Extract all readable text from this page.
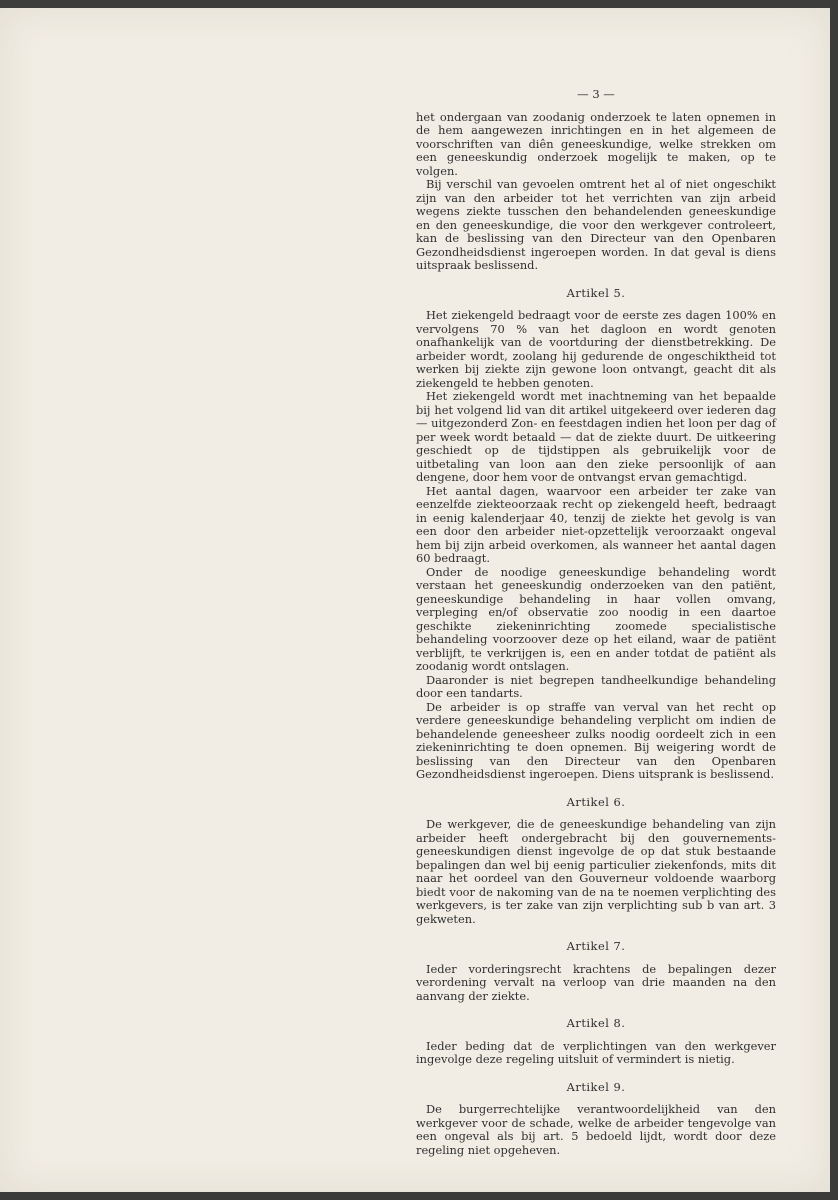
— 3 —

het ondergaan van zoodanig onderzoek te laten opnemen in de hem aangewezen inrichtingen en in het algemeen de voorschriften van diên geneeskundige, welke strekken om een geneeskundig onderzoek mogelijk te maken, op te volgen.

Bij verschil van gevoelen omtrent het al of niet ongeschikt zijn van den arbeider tot het verrichten van zijn arbeid wegens ziekte tusschen den behandelenden geneeskundige en den geneeskundige, die voor den werkgever controleert, kan de beslissing van den Directeur van den Openbaren Gezondheidsdienst ingeroepen worden. In dat geval is diens uitspraak beslissend.

Artikel 5.

Het ziekengeld bedraagt voor de eerste zes dagen 100% en vervolgens 70 % van het dagloon en wordt genoten onafhankelijk van de voortduring der dienstbetrekking. De arbeider wordt, zoolang hij gedurende de ongeschiktheid tot werken bij ziekte zijn gewone loon ontvangt, geacht dit als ziekengeld te hebben genoten.

Het ziekengeld wordt met inachtneming van het bepaalde bij het volgend lid van dit artikel uitgekeerd over iederen dag — uitgezonderd Zon- en feestdagen indien het loon per dag of per week wordt betaald — dat de ziekte duurt. De uitkeering geschiedt op de tijdstippen als gebruikelijk voor de uitbetaling van loon aan den zieke persoonlijk of aan dengene, door hem voor de ontvangst ervan gemachtigd.

Het aantal dagen, waarvoor een arbeider ter zake van eenzelfde ziekteoorzaak recht op ziekengeld heeft, bedraagt in eenig kalenderjaar 40, tenzij de ziekte het gevolg is van een door den arbeider niet-opzettelijk veroorzaakt ongeval hem bij zijn arbeid overkomen, als wanneer het aantal dagen 60 bedraagt.

Onder de noodige geneeskundige behandeling wordt verstaan het geneeskundig onderzoeken van den patiënt, geneeskundige behandeling in haar vollen omvang, verpleging en/of observatie zoo noodig in een daartoe geschikte ziekeninrichting zoomede specialistische behandeling voorzoover deze op het eiland, waar de patiënt verblijft, te verkrijgen is, een en ander totdat de patiënt als zoodanig wordt ontslagen.

Daaronder is niet begrepen tandheelkundige behandeling door een tandarts.

De arbeider is op straffe van verval van het recht op verdere geneeskundige behandeling verplicht om indien de behandelende geneesheer zulks noodig oordeelt zich in een ziekeninrichting te doen opnemen. Bij weigering wordt de beslissing van den Directeur van den Openbaren Gezondheidsdienst ingeroepen. Diens uitsprank is beslissend.

Artikel 6.

De werkgever, die de geneeskundige behandeling van zijn arbeider heeft ondergebracht bij den gouvernements-geneeskundigen dienst ingevolge de op dat stuk bestaande bepalingen dan wel bij eenig particulier ziekenfonds, mits dit naar het oordeel van den Gouverneur voldoende waarborg biedt voor de nakoming van de na te noemen verplichting des werkgevers, is ter zake van zijn verplichting sub b van art. 3 gekweten.

Artikel 7.

Ieder vorderingsrecht krachtens de bepalingen dezer verordening vervalt na verloop van drie maanden na den aanvang der ziekte.

Artikel 8.

Ieder beding dat de verplichtingen van den werkgever ingevolge deze regeling uitsluit of vermindert is nietig.

Artikel 9.

De burgerrechtelijke verantwoordelijkheid van den werkgever voor de schade, welke de arbeider tengevolge van een ongeval als bij art. 5 bedoeld lijdt, wordt door deze regeling niet opgeheven.
